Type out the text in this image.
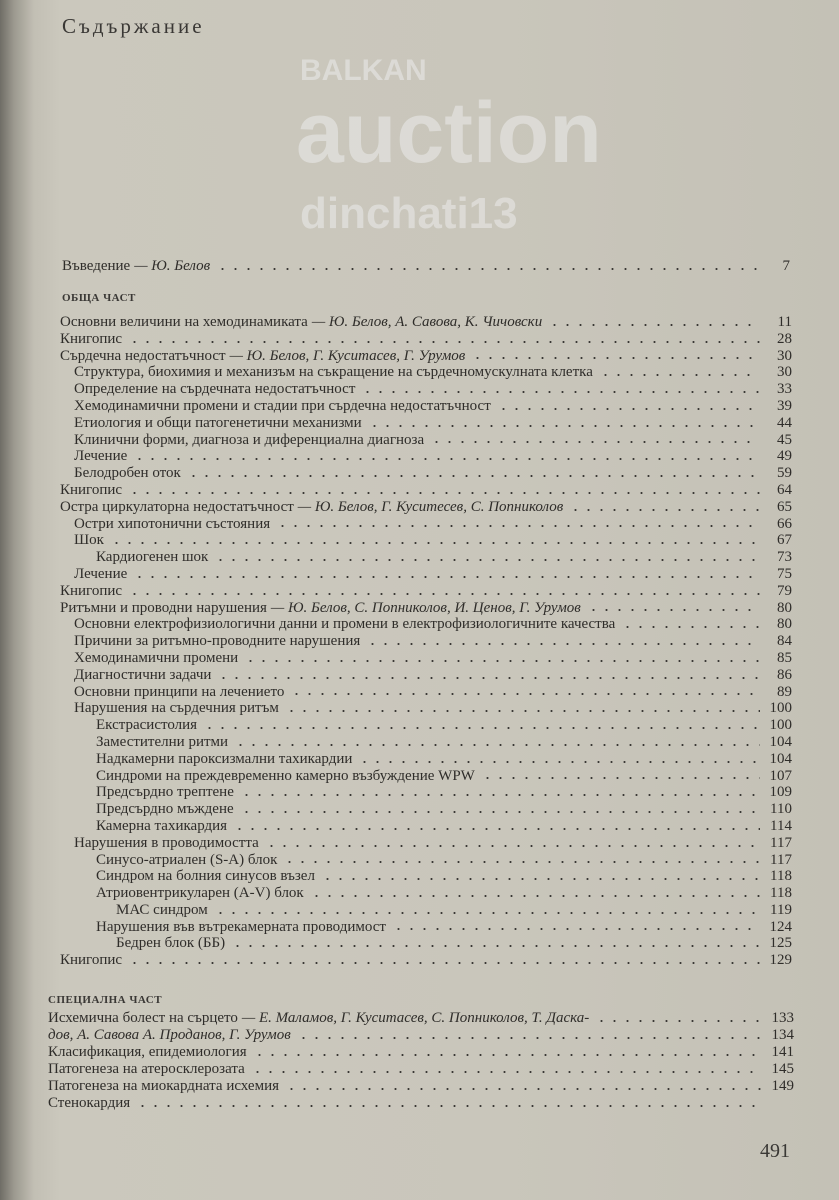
Съдържание
Въведение — Ю. Белов	7
ОБЩА ЧАСТ
Основни величини на хемодинамиката — Ю. Белов, А. Савова, К. Чичовски	11
Книгопис	28
Сърдечна недостатъчност — Ю. Белов, Г. Куситасев, Г. Урумов	30
Структура, биохимия и механизъм на съкращение на сърдечномускулната клетка	30
Определение на сърдечната недостатъчност	33
Хемодинамични промени и стадии при сърдечна недостатъчност	39
Етиология и общи патогенетични механизми	44
Клинични форми, диагноза и диференциална диагноза	45
Лечение	49
Белодробен оток	59
Книгопис	64
Остра циркулаторна недостатъчност — Ю. Белов, Г. Куситесев, С. Попниколов	65
Остри хипотонични състояния	66
Шок	67
Кардиогенен шок	73
Лечение	75
Книгопис	79
Ритъмни и проводни нарушения — Ю. Белов, С. Попниколов, И. Ценов, Г. Урумов	80
Основни електрофизиологични данни и промени в електрофизиологичните качества	80
Причини за ритъмно-проводните нарушения	84
Хемодинамични промени	85
Диагностични задачи	86
Основни принципи на лечението	89
Нарушения на сърдечния ритъм	100
Екстрасистолия	100
Заместителни ритми	104
Надкамерни пароксизмални тахикардии	104
Синдроми на преждевременно камерно възбуждение WPW	107
Предсърдно трептене	109
Предсърдно мъждене	110
Камерна тахикардия	114
Нарушения в проводимостта	117
Синусо-атриален (S-A) блок	117
Синдром на болния синусов възел	118
Атриовентрикуларен (A-V) блок	118
МАС синдром	119
Нарушения във вътрекамерната проводимост	124
Бедрен блок (ББ)	125
Книгопис	129
СПЕЦИАЛНА ЧАСТ
Исхемична болест на сърцето — Е. Маламов, Г. Куситасев, С. Попниколов, Т. Даска-	133
дов, А. Савова А. Проданов, Г. Урумов	134
Класификация, епидемиология	141
Патогенеза на атеросклерозата	145
Патогенеза на миокардната исхемия	149
Стенокардия
491
BALKAN
auction
dinchati13
